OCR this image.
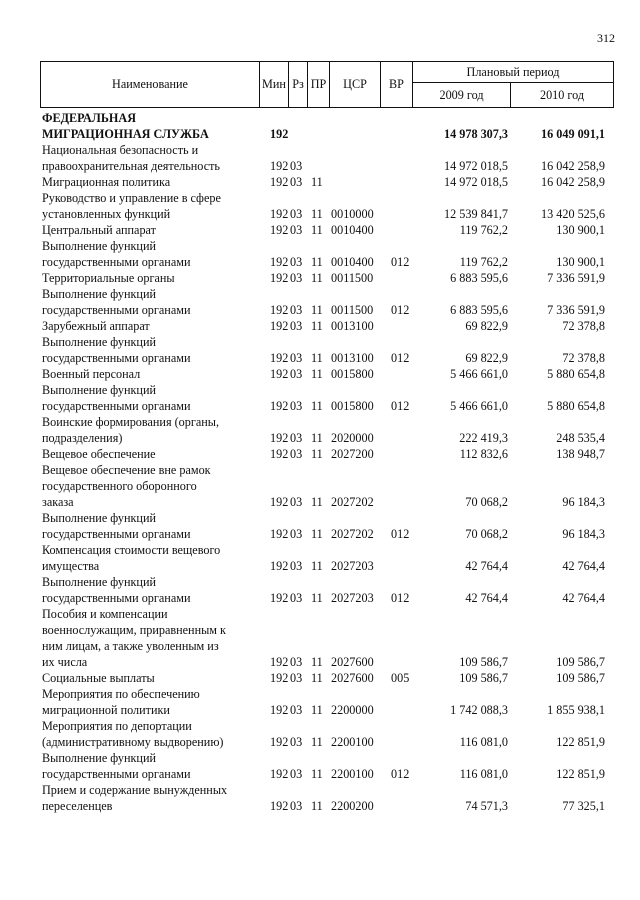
312
Наименование	Мин Рз ПР	ЦСР	ВР
Плановый период
2009 год	2010 год
ФЕДЕРАЛЬНАЯ
МИГРАЦИОННАЯ СЛУЖБА	192	14 978 307,3	16 049 091,1
Национальная безопасность и
правоохранительная деятельность	192 03	14 972 018,5	16 042 258,9
Миграционная политика	192 03 11	14 972 018,5	16 042 258,9
Руководство и управление в сфере
установленных функций	192 03 11 0010000	12 539 841,7	13 420 525,6
Центральный аппарат	192 03 11 0010400	119 762,2	130 900,1
Выполнение функций
государственными органами	192 03 11 0010400 012	119 762,2	130 900,1
Территориальные органы	192 03 11 0011500	6 883 595,6	7 336 591,9
Выполнение функций
государственными органами	192 03 11 0011500 012	6 883 595,6	7 336 591,9
Зарубежный аппарат	192 03 11 0013100	69 822,9	72 378,8
Выполнение функций
государственными органами	192 03 11 0013100 012	69 822,9	72 378,8
Военный персонал	192 03 11 0015800	5 466 661,0	5 880 654,8
Выполнение функций
государственными органами	192 03 11 0015800 012	5 466 661,0	5 880 654,8
Воинские формирования (органы,
подразделения)	192 03 11 2020000	222 419,3	248 535,4
Вещевое обеспечение	192 03 11 2027200	112 832,6	138 948,7
Вещевое обеспечение вне рамок
государственного оборонного
заказа	192 03 11 2027202	70 068,2	96 184,3
Выполнение функций
государственными органами	192 03 11 2027202 012	70 068,2	96 184,3
Компенсация стоимости вещевого
имущества	192 03 11 2027203	42 764,4	42 764,4
Выполнение функций
государственными органами	192 03 11 2027203 012	42 764,4	42 764,4
Пособия и компенсации
военнослужащим, приравненным к
ним лицам, а также уволенным из
их числа	192 03 11 2027600	109 586,7	109 586,7
Социальные выплаты	192 03 11 2027600 005	109 586,7	109 586,7
Мероприятия по обеспечению
миграционной политики	192 03 11 2200000	1 742 088,3	1 855 938,1
Мероприятия по депортации
(административному выдворению)	192 03 11 2200100	116 081,0	122 851,9
Выполнение функций
государственными органами	192 03 11 2200100 012	116 081,0	122 851,9
Прием и содержание вынужденных
переселенцев	192 03 11 2200200	74 571,3	77 325,1
